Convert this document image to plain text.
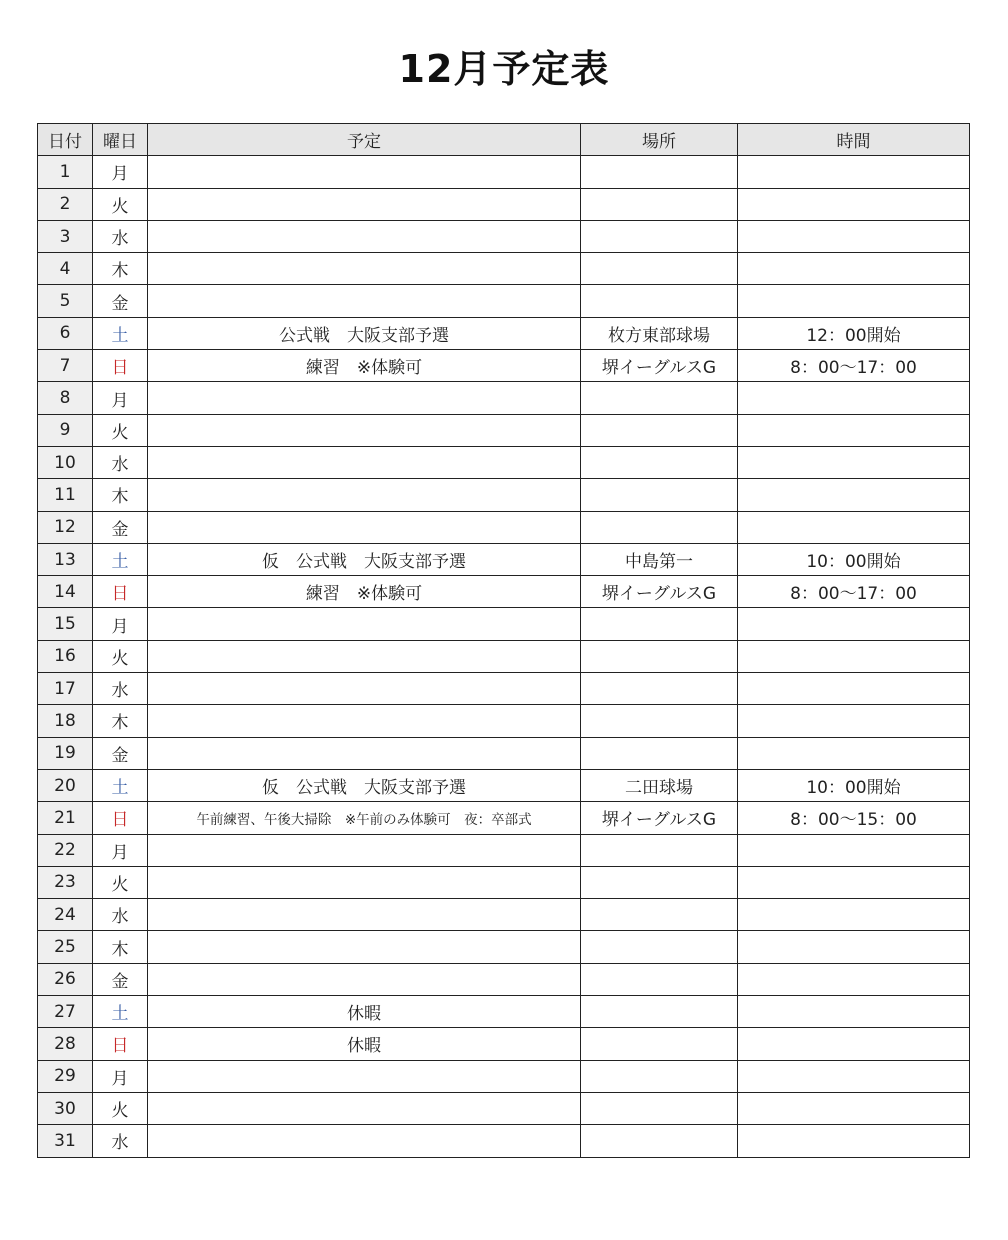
12月予定表
日付	曜日	予定	場所	時間
1	月			
2	火			
3	水			
4	木			
5	金			
6	土	公式戦　大阪支部予選	枚方東部球場	12：00開始
7	日	練習　※体験可	堺イーグルスG	8：00～17：00
8	月			
9	火			
10	水			
11	木			
12	金			
13	土	仮　公式戦　大阪支部予選	中島第一	10：00開始
14	日	練習　※体験可	堺イーグルスG	8：00～17：00
15	月			
16	火			
17	水			
18	木			
19	金			
20	土	仮　公式戦　大阪支部予選	二田球場	10：00開始
21	日	午前練習、午後大掃除　※午前のみ体験可　夜：卒部式	堺イーグルスG	8：00～15：00
22	月			
23	火			
24	水			
25	木			
26	金			
27	土	休暇		
28	日	休暇		
29	月			
30	火			
31	水			
